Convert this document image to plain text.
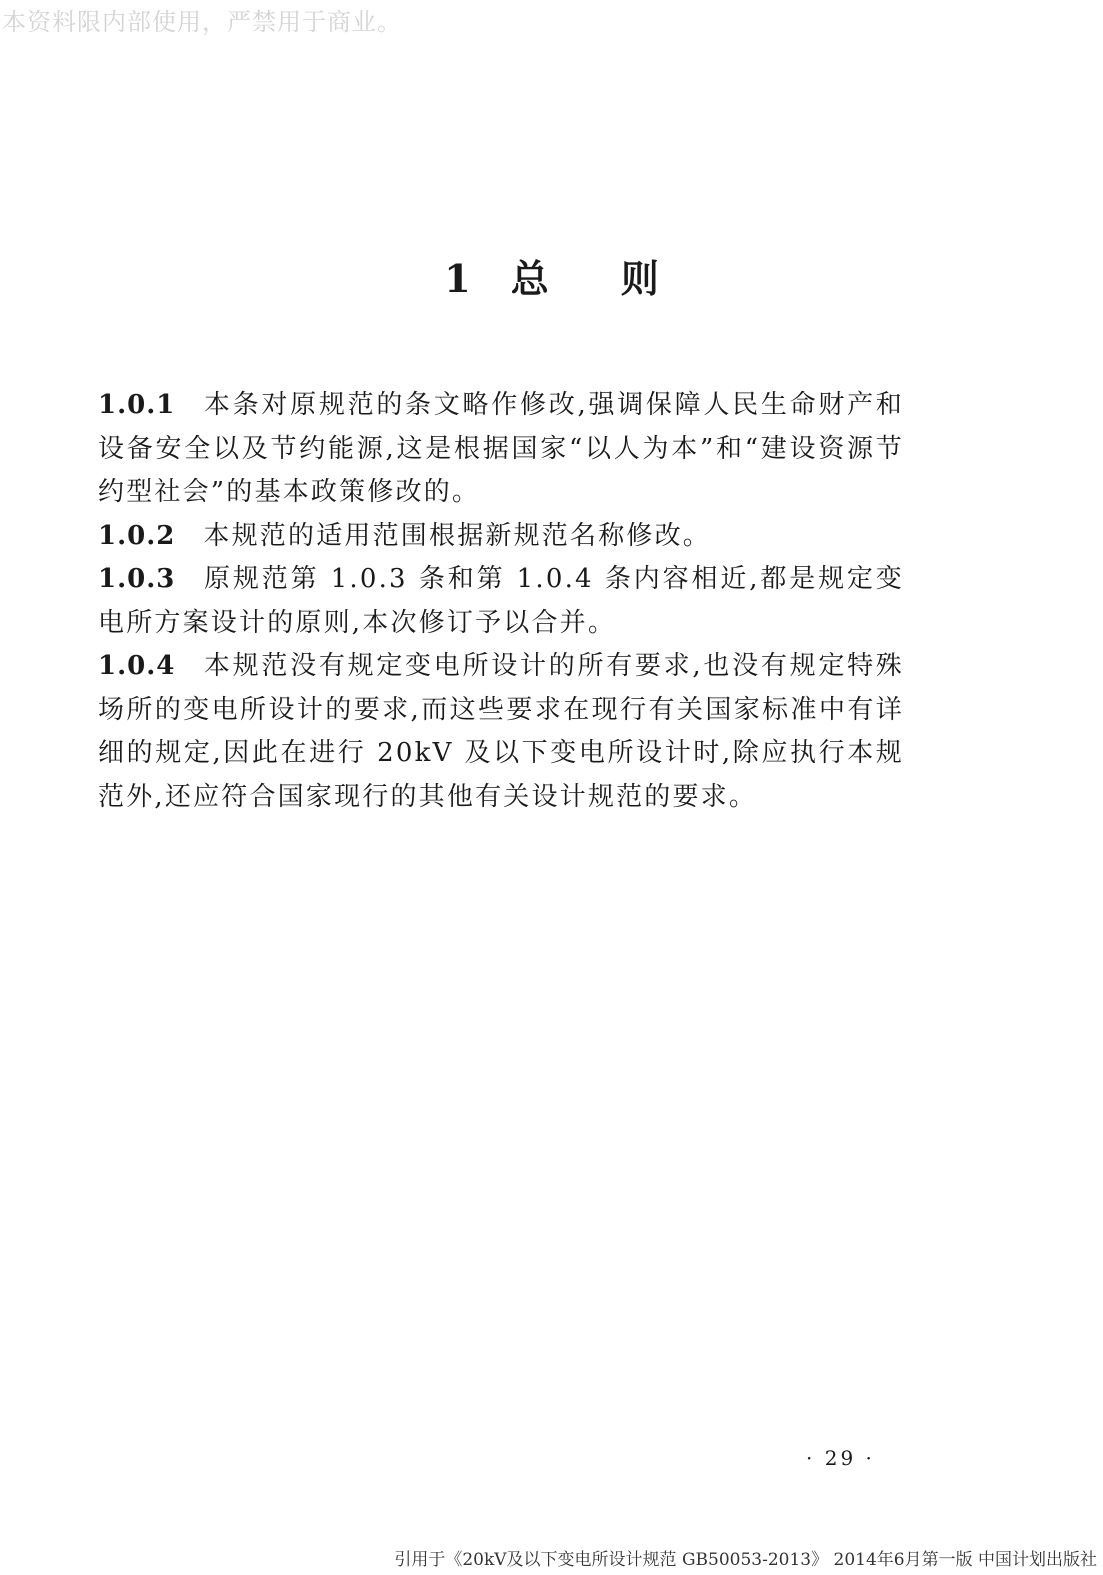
本资料限内部使用，严禁用于商业。
1 总则

1.0.1 本条对原规范的条文略作修改,强调保障人民生命财产和设备安全以及节约能源,这是根据国家“以人为本”和“建设资源节约型社会”的基本政策修改的。

1.0.2 本规范的适用范围根据新规范名称修改。

1.0.3 原规范第 1.0.3 条和第 1.0.4 条内容相近,都是规定变电所方案设计的原则,本次修订予以合并。

1.0.4 本规范没有规定变电所设计的所有要求,也没有规定特殊场所的变电所设计的要求,而这些要求在现行有关国家标准中有详细的规定,因此在进行 20kV 及以下变电所设计时,除应执行本规范外,还应符合国家现行的其他有关设计规范的要求。

· 29 ·
引用于《20kV及以下变电所设计规范 GB50053-2013》 2014年6月第一版 中国计划出版社
